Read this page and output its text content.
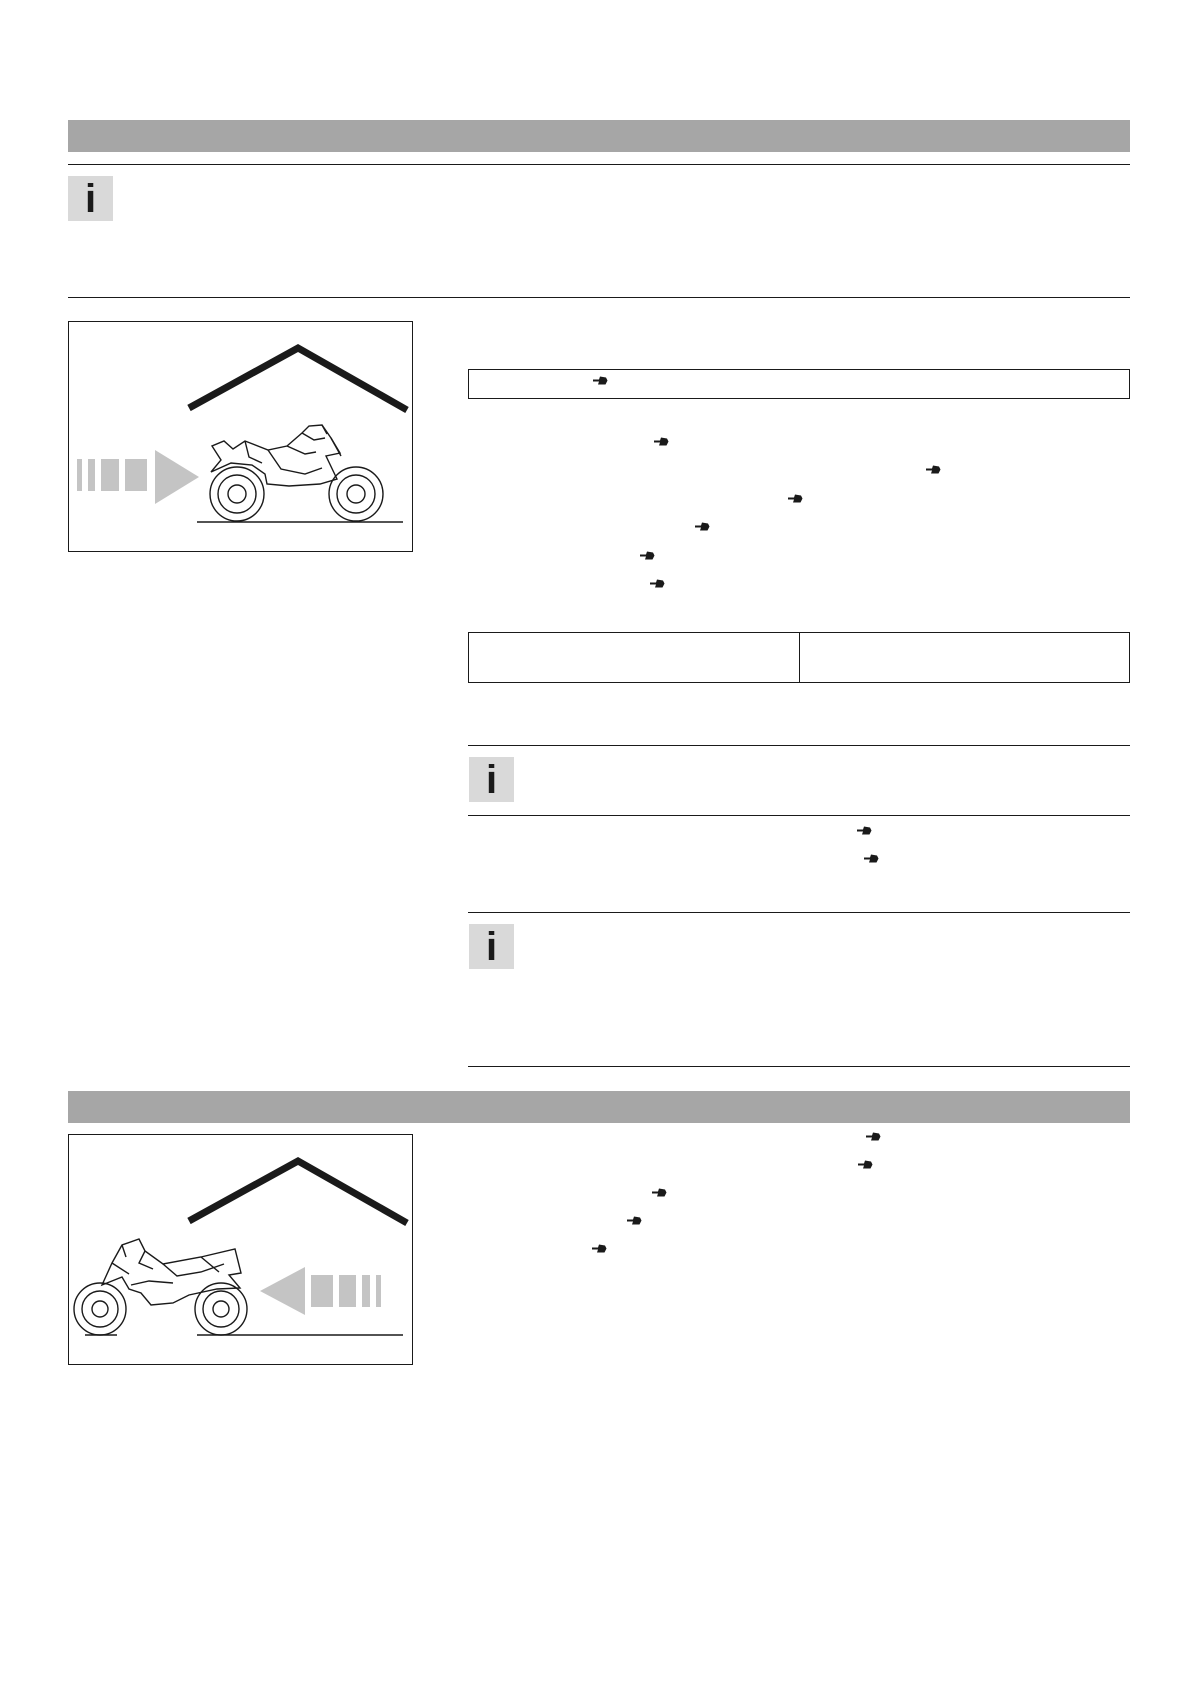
i
i
i
